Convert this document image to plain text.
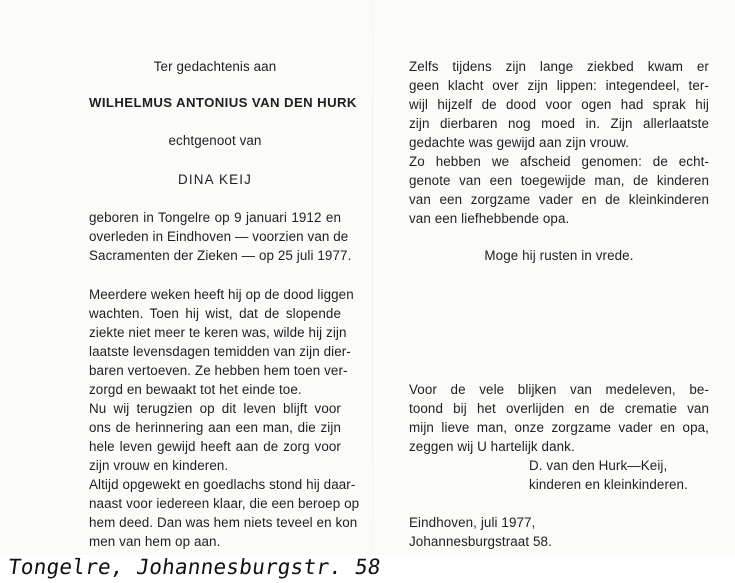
Ter gedachtenis aan
WILHELMUS ANTONIUS VAN DEN HURK
echtgenoot van
DINA KEIJ
geboren in Tongelre op 9 januari 1912 en
overleden in Eindhoven — voorzien van de
Sacramenten der Zieken — op 25 juli 1977.
Meerdere weken heeft hij op de dood liggen
wachten. Toen hij wist, dat de slopende
ziekte niet meer te keren was, wilde hij zijn
laatste levensdagen temidden van zijn dier-
baren vertoeven. Ze hebben hem toen ver-
zorgd en bewaakt tot het einde toe.
Nu wij terugzien op dit leven blijft voor
ons de herinnering aan een man, die zijn
hele leven gewijd heeft aan de zorg voor
zijn vrouw en kinderen.
Altijd opgewekt en goedlachs stond hij daar-
naast voor iedereen klaar, die een beroep op
hem deed. Dan was hem niets teveel en kon
men van hem op aan.
Zelfs tijdens zijn lange ziekbed kwam er
geen klacht over zijn lippen: integendeel, ter-
wijl hijzelf de dood voor ogen had sprak hij
zijn dierbaren nog moed in. Zijn allerlaatste
gedachte was gewijd aan zijn vrouw.
Zo hebben we afscheid genomen: de echt-
genote van een toegewijde man, de kinderen
van een zorgzame vader en de kleinkinderen
van een liefhebbende opa.
Moge hij rusten in vrede.
Voor de vele blijken van medeleven, be-
toond bij het overlijden en de crematie van
mijn lieve man, onze zorgzame vader en opa,
zeggen wij U hartelijk dank.
D. van den Hurk—Keij,
kinderen en kleinkinderen.
Eindhoven, juli 1977,
Johannesburgstraat 58.
Tongelre, Johannesburgstr. 58
